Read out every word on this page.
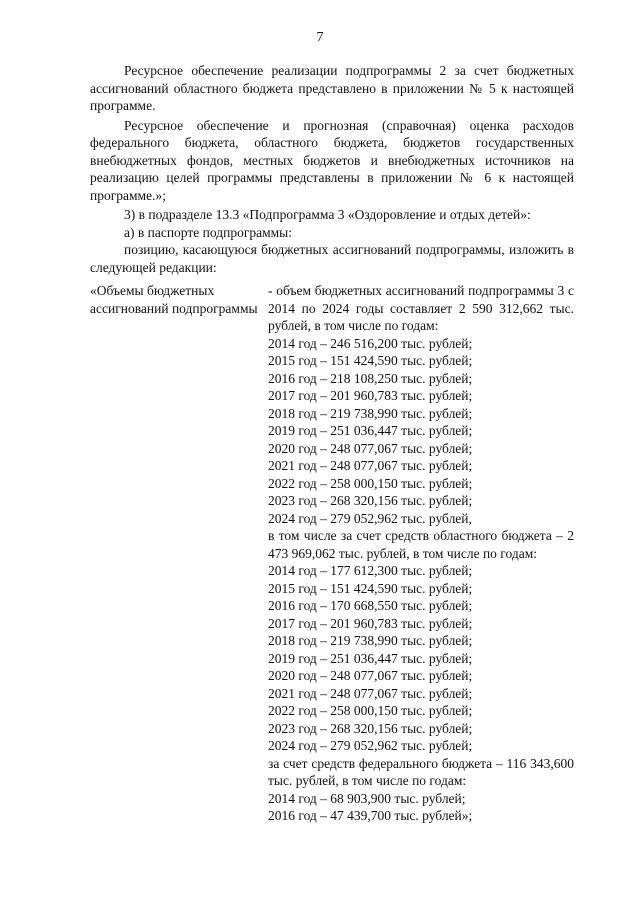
7

Ресурсное обеспечение реализации подпрограммы 2 за счет бюджетных ассигнований областного бюджета представлено в приложении № 5 к настоящей программе.

Ресурсное обеспечение и прогнозная (справочная) оценка расходов федерального бюджета, областного бюджета, бюджетов государственных внебюджетных фондов, местных бюджетов и внебюджетных источников на реализацию целей программы представлены в приложении № 6 к настоящей программе.»;

3) в подразделе 13.3 «Подпрограмма 3 «Оздоровление и отдых детей»:

а) в паспорте подпрограммы:

позицию, касающуюся бюджетных ассигнований подпрограммы, изложить в следующей редакции:

«Объемы бюджетных ассигнований подпрограммы

- объем бюджетных ассигнований подпрограммы 3 с 2014 по 2024 годы составляет 2 590 312,662 тыс. рублей, в том числе по годам:

2014 год – 246 516,200 тыс. рублей;

2015 год – 151 424,590 тыс. рублей;

2016 год – 218 108,250 тыс. рублей;

2017 год – 201 960,783 тыс. рублей;

2018 год – 219 738,990 тыс. рублей;

2019 год – 251 036,447 тыс. рублей;

2020 год – 248 077,067 тыс. рублей;

2021 год – 248 077,067 тыс. рублей;

2022 год – 258 000,150 тыс. рублей;

2023 год – 268 320,156 тыс. рублей;

2024 год – 279 052,962 тыс. рублей,

в том числе за счет средств областного бюджета – 2 473 969,062 тыс. рублей, в том числе по годам:

2014 год – 177 612,300 тыс. рублей;

2015 год – 151 424,590 тыс. рублей;

2016 год – 170 668,550 тыс. рублей;

2017 год – 201 960,783 тыс. рублей;

2018 год – 219 738,990 тыс. рублей;

2019 год – 251 036,447 тыс. рублей;

2020 год – 248 077,067 тыс. рублей;

2021 год – 248 077,067 тыс. рублей;

2022 год – 258 000,150 тыс. рублей;

2023 год – 268 320,156 тыс. рублей;

2024 год – 279 052,962 тыс. рублей;

за счет средств федерального бюджета – 116 343,600 тыс. рублей, в том числе по годам:

2014 год – 68 903,900 тыс. рублей;

2016 год – 47 439,700 тыс. рублей»;
